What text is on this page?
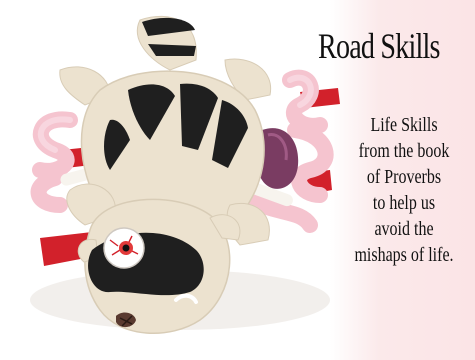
Road Skills
Life Skills
from the book
of Proverbs
to help us
avoid the
mishaps of life.
